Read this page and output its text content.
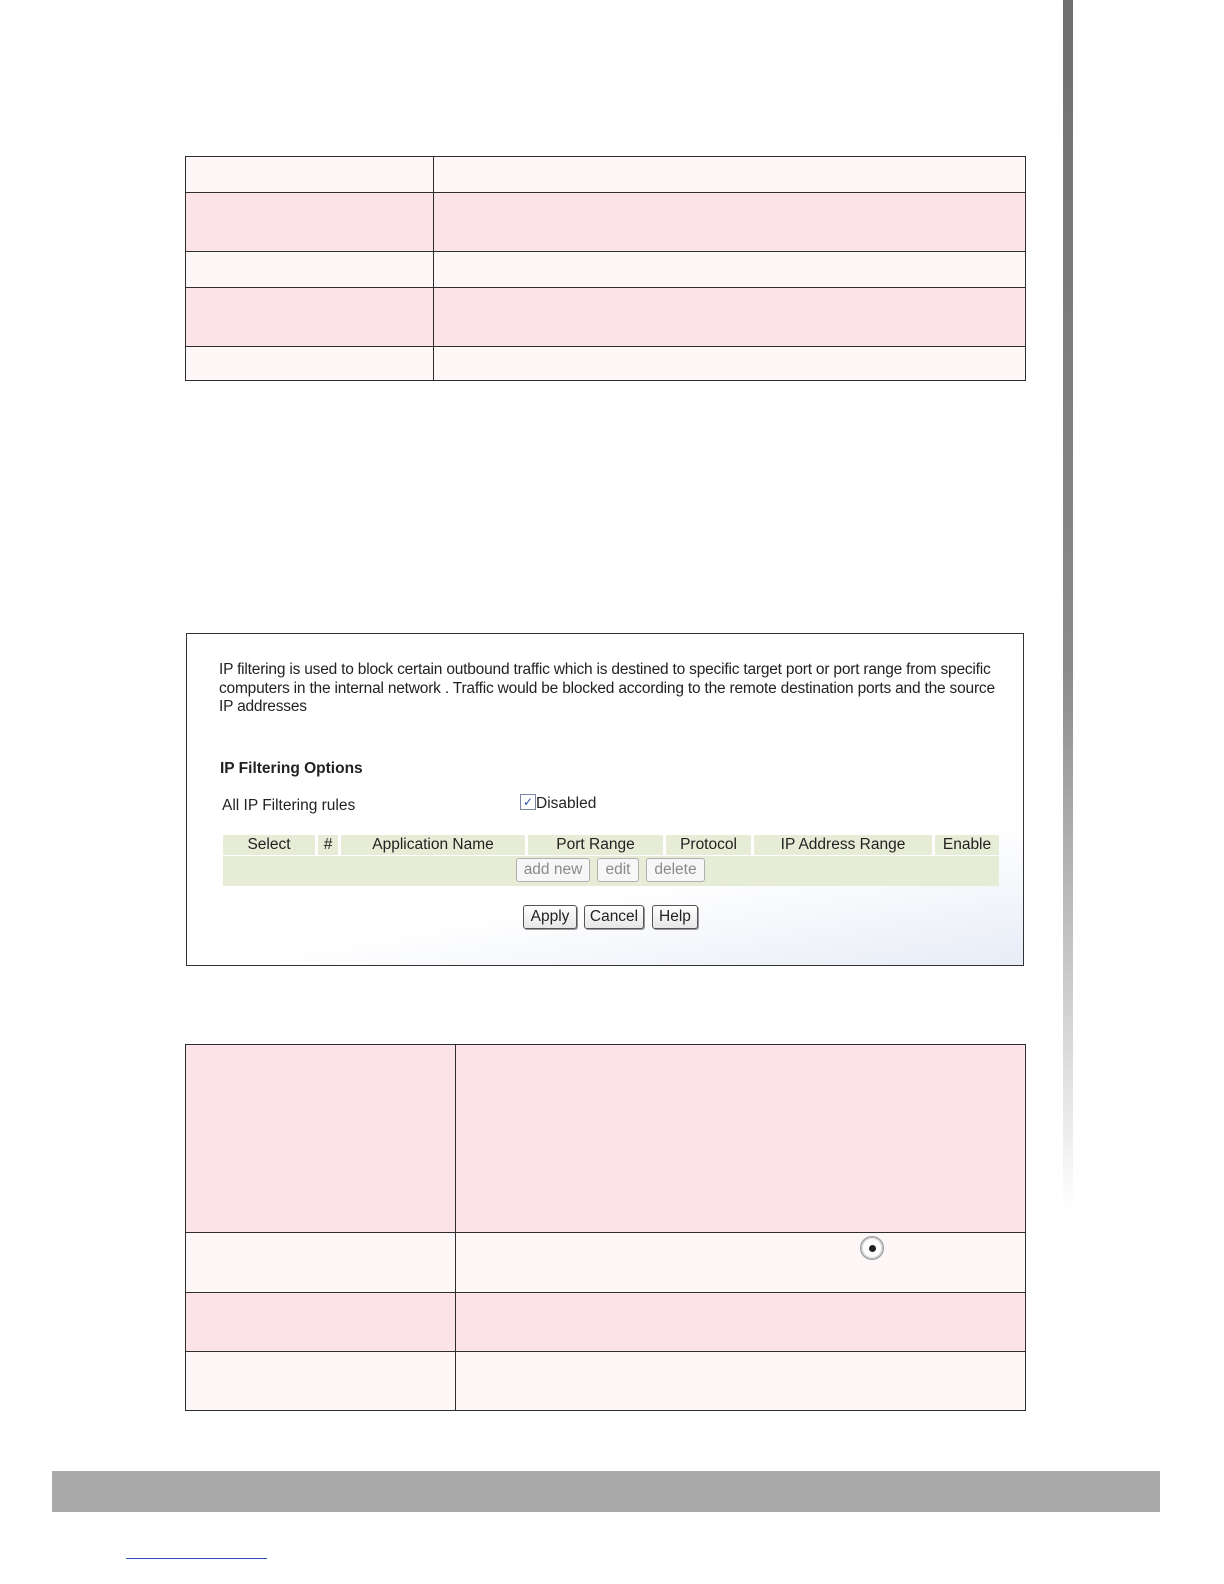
IP filtering is used to block certain outbound traffic which is destined to specific target port or port range from specific computers in the internal network . Traffic would be blocked according to the remote destination ports and the source IP addresses
IP Filtering Options
All IP Filtering rules	✓ Disabled
Select	#	Application Name	Port Range	Protocol	IP Address Range	Enable
add new	edit	delete
Apply	Cancel	Help
